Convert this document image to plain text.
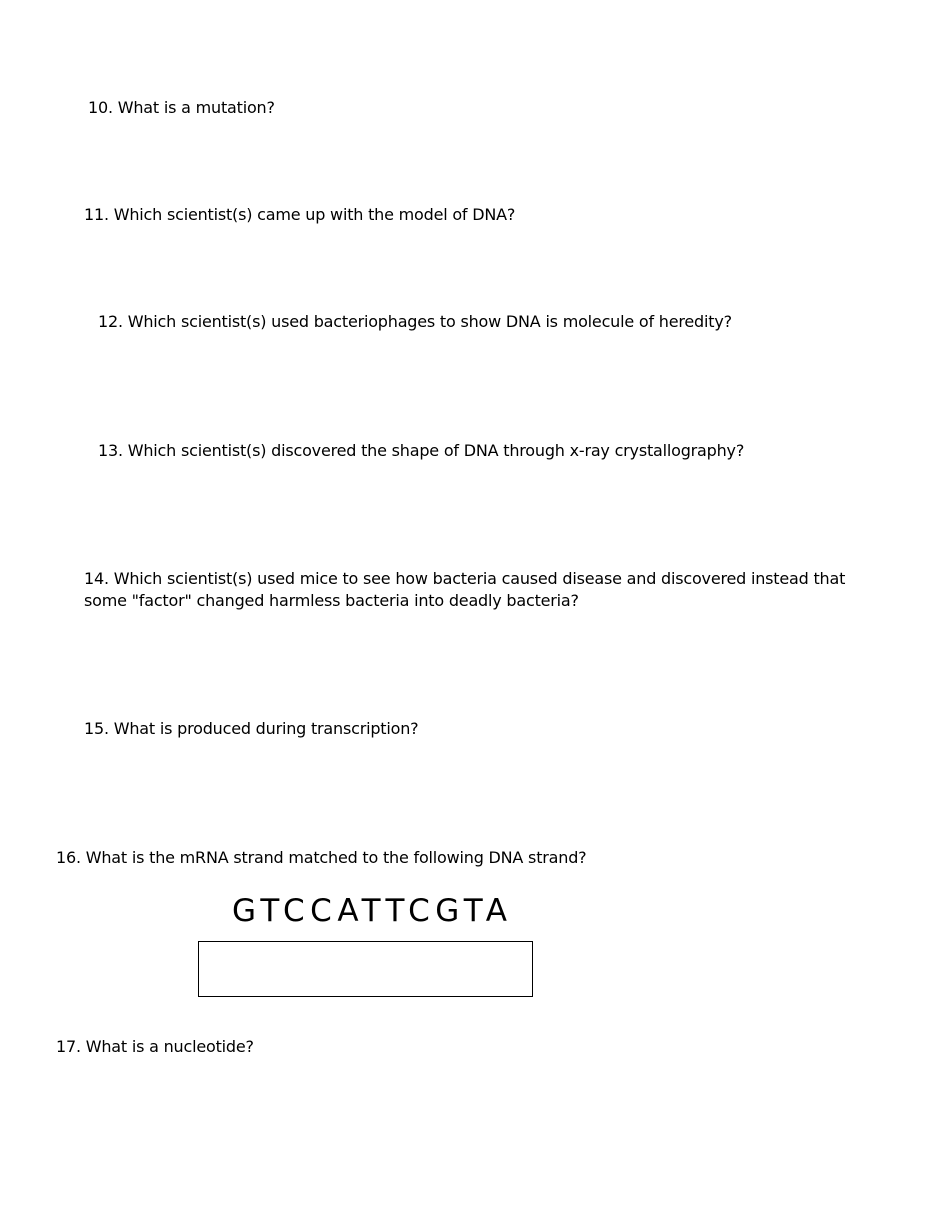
10. What is a mutation?
11. Which scientist(s) came up with the model of DNA?
12. Which scientist(s) used bacteriophages to show DNA is molecule of heredity?
13. Which scientist(s) discovered the shape of DNA through x-ray crystallography?
14. Which scientist(s) used mice to see how bacteria caused disease and discovered instead that some "factor" changed harmless bacteria into deadly bacteria?
15. What is produced during transcription?
16. What is the mRNA strand matched to the following DNA strand?
GTCCATTCGTA
17. What is a nucleotide?
